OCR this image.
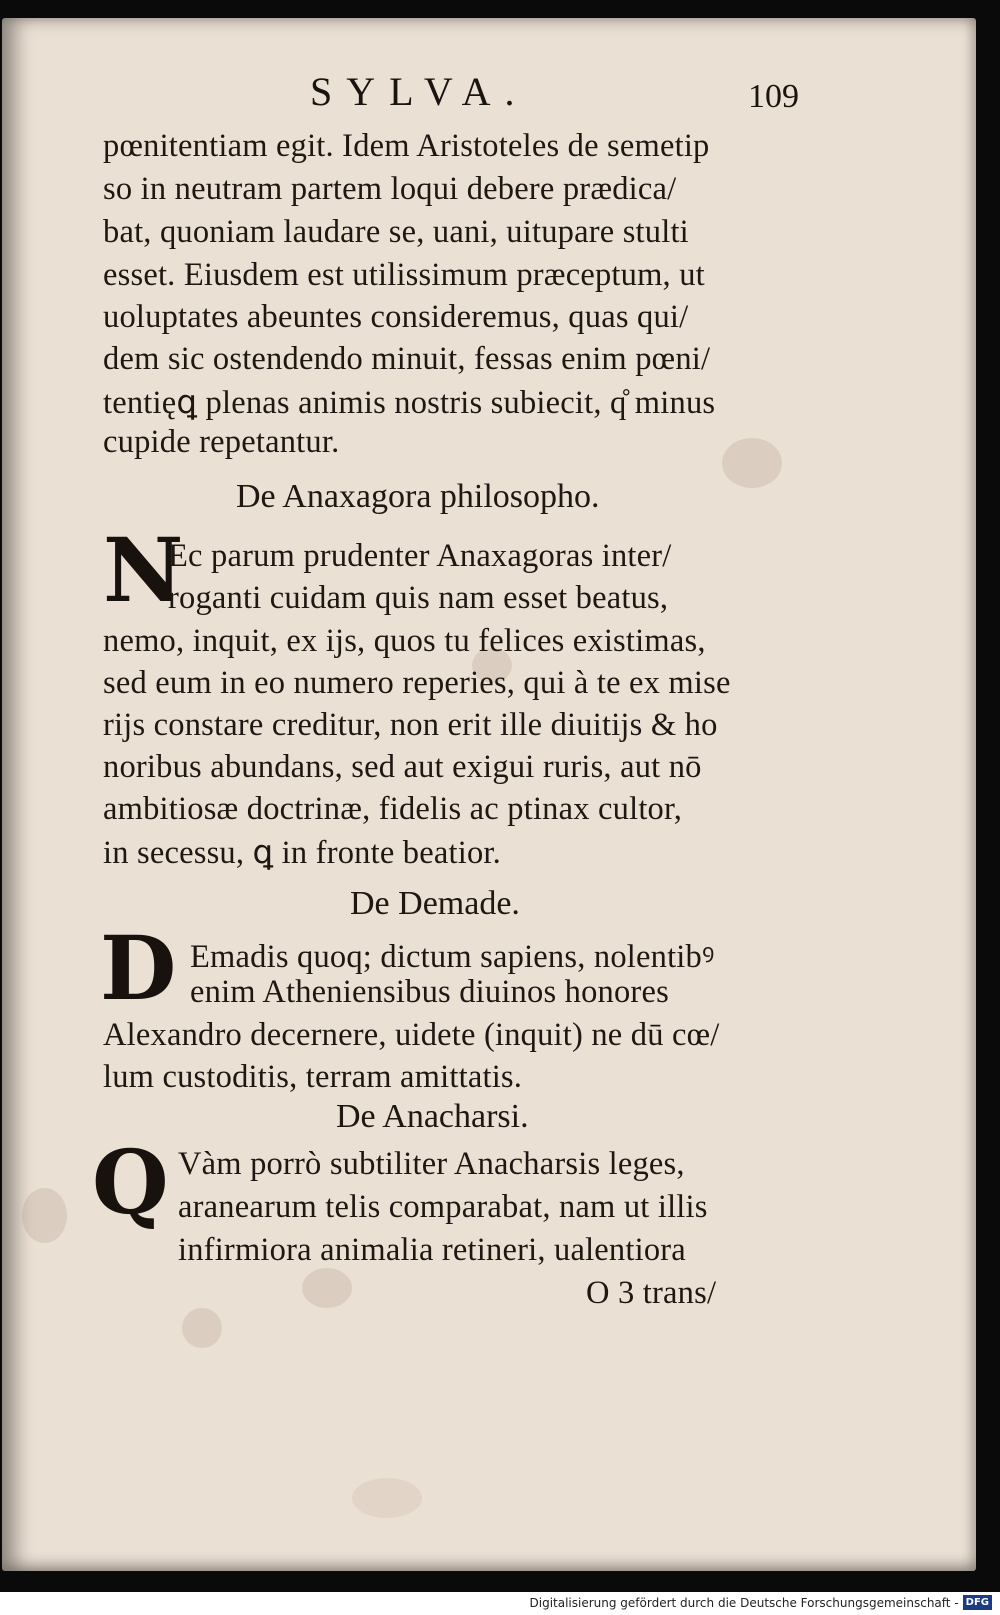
SYLVA.	109
pœnitentiam egit. Idem Aristoteles de semetip
so in neutram partem loqui debere prædica/
bat, quoniam laudare se, uani, uitupare stulti
esset. Eiusdem est utilissimum præceptum, ut
uoluptates abeuntes consideremus, quas qui/
dem sic ostendendo minuit, fessas enim pœni/
tentięꝗ plenas animis nostris subiecit, q̊ minus
cupide repetantur.
De Anaxagora philosopho.
N
Ec parum prudenter Anaxagoras inter/
roganti cuidam quis nam esset beatus,
nemo, inquit, ex ijs, quos tu felices existimas,
sed eum in eo numero reperies, qui à te ex mise
rijs constare creditur, non erit ille diuitijs & ho
noribus abundans, sed aut exigui ruris, aut nō
ambitiosæ doctrinæ, fidelis ac ptinax cultor,
in secessu, ꝗ in fronte beatior.
De Demade.
D Emadis quoq; dictum sapiens, nolentibꝰ
enim Atheniensibus diuinos honores
Alexandro decernere, uidete (inquit) ne dū cœ/
lum custoditis, terram amittatis.
De Anacharsi.
Q Vàm porrò subtiliter Anacharsis leges,
aranearum telis comparabat, nam ut illis
infirmiora animalia retineri, ualentiora
O 3 trans/
Digitalisierung gefördert durch die Deutsche Forschungsgemeinschaft - DFG
